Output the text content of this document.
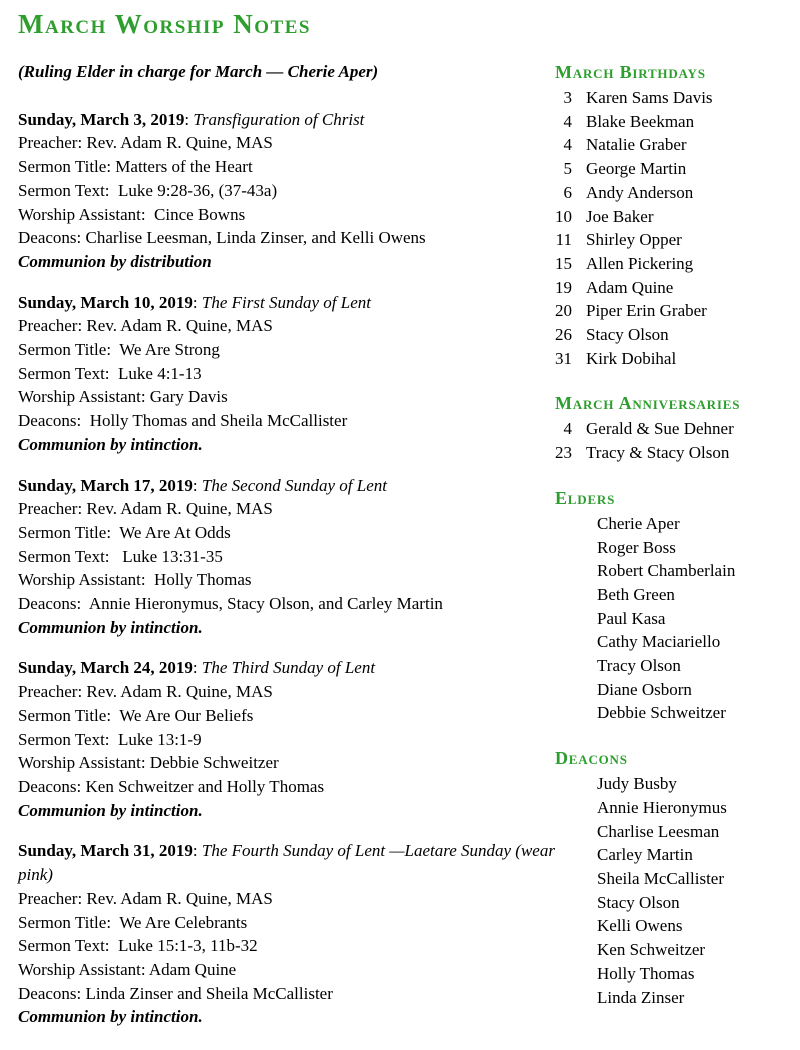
March Worship Notes

(Ruling Elder in charge for March — Cherie Aper)

Sunday, March 3, 2019: Transfiguration of Christ

Preacher: Rev. Adam R. Quine, MAS

Sermon Title: Matters of the Heart

Sermon Text:  Luke 9:28-36, (37-43a)

Worship Assistant:  Cince Bowns

Deacons: Charlise Leesman, Linda Zinser, and Kelli Owens

Communion by distribution

Sunday, March 10, 2019: The First Sunday of Lent

Preacher: Rev. Adam R. Quine, MAS

Sermon Title:  We Are Strong

Sermon Text:  Luke 4:1-13

Worship Assistant: Gary Davis

Deacons:  Holly Thomas and Sheila McCallister

Communion by intinction.

Sunday, March 17, 2019: The Second Sunday of Lent

Preacher: Rev. Adam R. Quine, MAS

Sermon Title:  We Are At Odds

Sermon Text:   Luke 13:31-35

Worship Assistant:  Holly Thomas

Deacons:  Annie Hieronymus, Stacy Olson, and Carley Martin

Communion by intinction.

Sunday, March 24, 2019: The Third Sunday of Lent

Preacher: Rev. Adam R. Quine, MAS

Sermon Title:  We Are Our Beliefs

Sermon Text:  Luke 13:1-9

Worship Assistant: Debbie Schweitzer

Deacons: Ken Schweitzer and Holly Thomas

Communion by intinction.

Sunday, March 31, 2019: The Fourth Sunday of Lent —Laetare Sunday (wear pink)

Preacher: Rev. Adam R. Quine, MAS

Sermon Title:  We Are Celebrants

Sermon Text:  Luke 15:1-3, 11b-32

Worship Assistant: Adam Quine

Deacons: Linda Zinser and Sheila McCallister

Communion by intinction.

March Birthdays

3 Karen Sams Davis

4 Blake Beekman

4 Natalie Graber

5 George Martin

6 Andy Anderson

10 Joe Baker

11 Shirley Opper

15 Allen Pickering

19 Adam Quine

20 Piper Erin Graber

26 Stacy Olson

31 Kirk Dobihal

March Anniversaries

4 Gerald & Sue Dehner

23 Tracy & Stacy Olson

Elders

Cherie Aper

Roger Boss

Robert Chamberlain

Beth Green

Paul Kasa

Cathy Maciariello

Tracy Olson

Diane Osborn

Debbie Schweitzer

Deacons

Judy Busby

Annie Hieronymus

Charlise Leesman

Carley Martin

Sheila McCallister

Stacy Olson

Kelli Owens

Ken Schweitzer

Holly Thomas

Linda Zinser
